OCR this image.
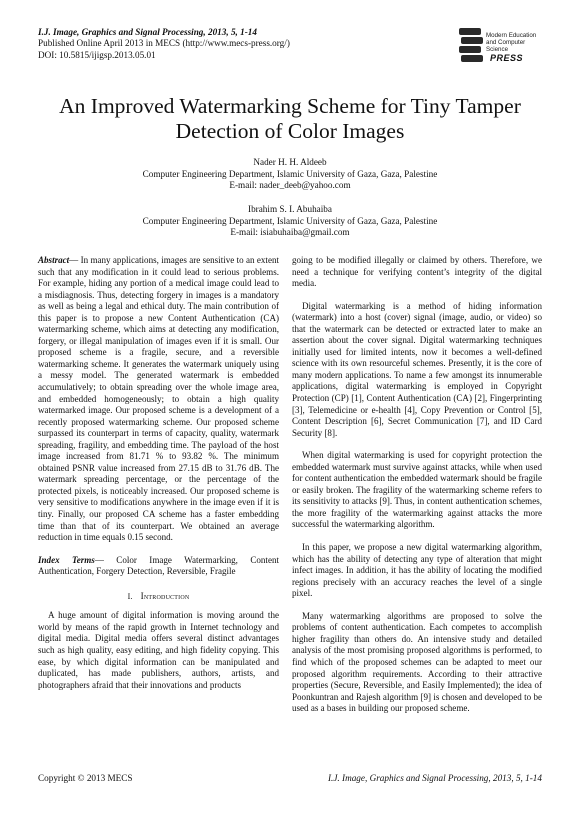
I.J. Image, Graphics and Signal Processing, 2013, 5, 1-14
Published Online April 2013 in MECS (http://www.mecs-press.org/)
DOI: 10.5815/ijigsp.2013.05.01
Modern Education and Computer Science
PRESS
An Improved Watermarking Scheme for Tiny Tamper Detection of Color Images
Nader H. H. Aldeeb
Computer Engineering Department, Islamic University of Gaza, Gaza, Palestine
E-mail: nader_deeb@yahoo.com
Ibrahim S. I. Abuhaiba
Computer Engineering Department, Islamic University of Gaza, Gaza, Palestine
E-mail: isiabuhaiba@gmail.com

Abstract— In many applications, images are sensitive to an extent such that any modification in it could lead to serious problems. For example, hiding any portion of a medical image could lead to a misdiagnosis. Thus, detecting forgery in images is a mandatory as well as being a legal and ethical duty. The main contribution of this paper is to propose a new Content Authentication (CA) watermarking scheme, which aims at detecting any modification, forgery, or illegal manipulation of images even if it is small. Our proposed scheme is a fragile, secure, and a reversible watermarking scheme. It generates the watermark uniquely using a messy model. The generated watermark is embedded accumulatively; to obtain spreading over the whole image area, and embedded homogeneously; to obtain a high quality watermarked image. Our proposed scheme is a development of a recently proposed watermarking scheme. Our proposed scheme surpassed its counterpart in terms of capacity, quality, watermark spreading, fragility, and embedding time. The payload of the host image increased from 81.71 % to 93.82 %. The minimum obtained PSNR value increased from 27.15 dB to 31.76 dB. The watermark spreading percentage, or the percentage of the protected pixels, is noticeably increased. Our proposed scheme is very sensitive to modifications anywhere in the image even if it is tiny. Finally, our proposed CA scheme has a faster embedding time than that of its counterpart. We obtained an average reduction in time equals 0.15 second.

Index Terms— Color Image Watermarking, Content Authentication, Forgery Detection, Reversible, Fragile

I. Introduction

A huge amount of digital information is moving around the world by means of the rapid growth in Internet technology and digital media. Digital media offers several distinct advantages such as high quality, easy editing, and high fidelity copying. This ease, by which digital information can be manipulated and duplicated, has made publishers, authors, artists, and photographers afraid that their innovations and products

going to be modified illegally or claimed by others. Therefore, we need a technique for verifying content’s integrity of the digital media.

Digital watermarking is a method of hiding information (watermark) into a host (cover) signal (image, audio, or video) so that the watermark can be detected or extracted later to make an assertion about the cover signal. Digital watermarking techniques initially used for limited intents, now it becomes a well-defined science with its own resourceful schemes. Presently, it is the core of many modern applications. To name a few amongst its innumerable applications, digital watermarking is employed in Copyright Protection (CP) [1], Content Authentication (CA) [2], Fingerprinting [3], Telemedicine or e-health [4], Copy Prevention or Control [5], Content Description [6], Secret Communication [7], and ID Card Security [8].

When digital watermarking is used for copyright protection the embedded watermark must survive against attacks, while when used for content authentication the embedded watermark should be fragile or easily broken. The fragility of the watermarking scheme refers to its sensitivity to attacks [9]. Thus, in content authentication schemes, the more fragility of the watermarking against attacks the more successful the watermarking algorithm.

In this paper, we propose a new digital watermarking algorithm, which has the ability of detecting any type of alteration that might infect images. In addition, it has the ability of locating the modified regions precisely with an accuracy reaches the level of a single pixel.

Many watermarking algorithms are proposed to solve the problems of content authentication. Each competes to accomplish higher fragility than others do. An intensive study and detailed analysis of the most promising proposed algorithms is performed, to find which of the proposed schemes can be adapted to meet our proposed algorithm requirements. According to their attractive properties (Secure, Reversible, and Easily Implemented); the idea of Poonkuntran and Rajesh algorithm [9] is chosen and developed to be used as a bases in building our proposed scheme.

Copyright © 2013 MECS	I.J. Image, Graphics and Signal Processing, 2013, 5, 1-14
